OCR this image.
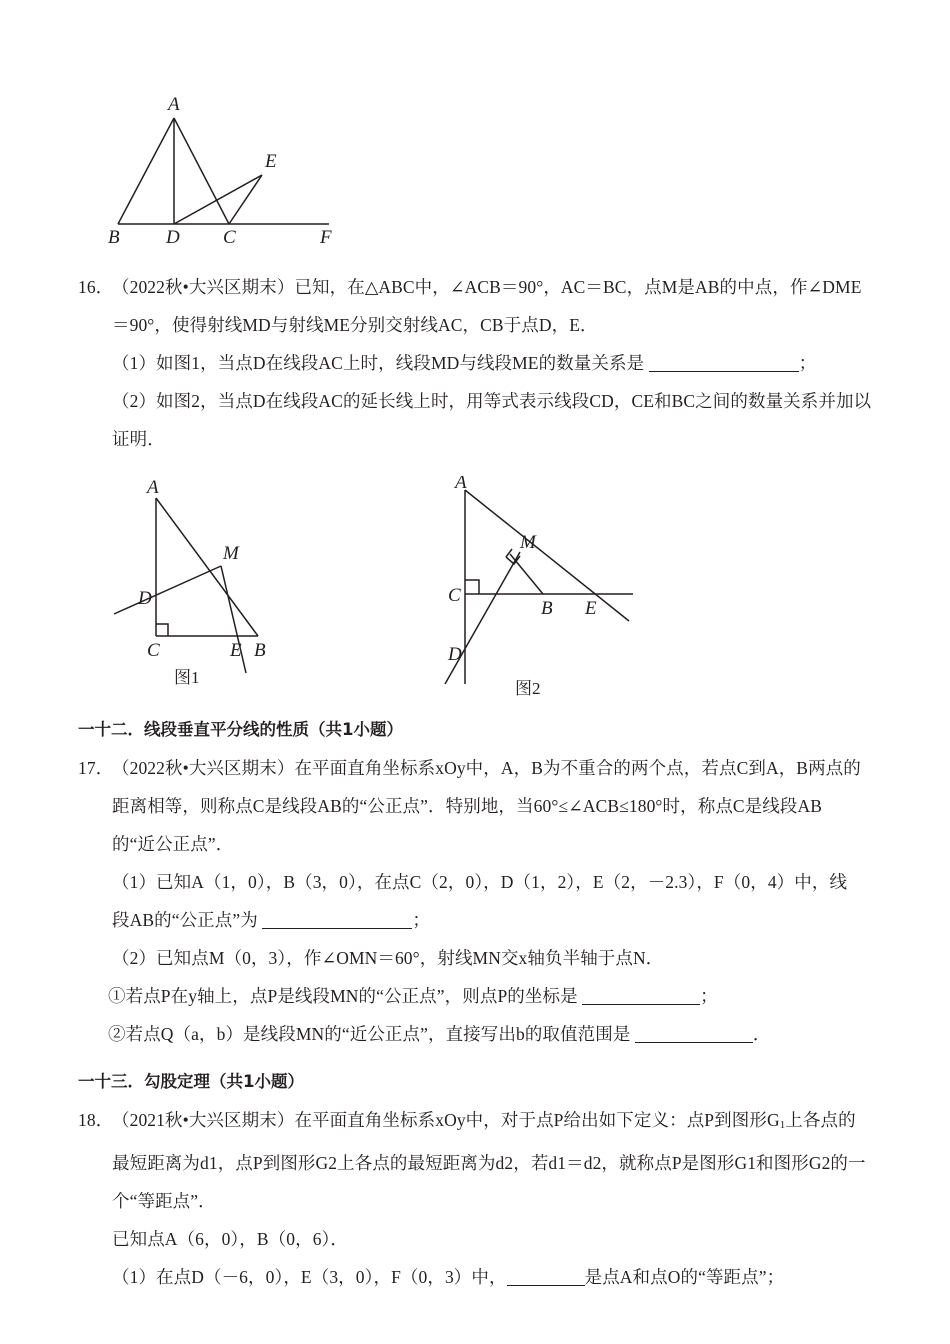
A
B D C
E
F
16．（2022秋•大兴区期末）已知，在△ABC中，∠ACB＝90°，AC＝BC，点M是AB的中点，作∠DME
＝90°，使得射线MD与射线ME分别交射线AC，CB于点D，E．
（1）如图1，当点D在线段AC上时，线段MD与线段ME的数量关系是	；
（2）如图2，当点D在线段AC的延长线上时，用等式表示线段CD，CE和BC之间的数量关系并加以
证明．
A
M
D
C	E B
图1
A
M
C
B E
D
图2
一十二．线段垂直平分线的性质（共1小题）
17．（2022秋•大兴区期末）在平面直角坐标系xOy中，A，B为不重合的两个点，若点C到A，B两点的
距离相等，则称点C是线段AB的“公正点”．特别地，当60°≤∠ACB≤180°时，称点C是线段AB
的“近公正点”．
（1）已知A（1，0），B（3，0），在点C（2，0），D（1，2），E（2，－2.3），F（0，4）中，线
段AB的“公正点”为	；
（2）已知点M（0，3），作∠OMN＝60°，射线MN交x轴负半轴于点N．
①若点P在y轴上，点P是线段MN的“公正点”，则点P的坐标是	；
②若点Q（a，b）是线段MN的“近公正点”，直接写出b的取值范围是	．
一十三．勾股定理（共1小题）
18．（2021秋•大兴区期末）在平面直角坐标系xOy中，对于点P给出如下定义：点P到图形$G_1$上各点的
最短距离为d1，点P到图形G2上各点的最短距离为d2，若d1＝d2，就称点P是图形G1和图形G2的一
个“等距点”．
已知点A（6，0），B（0，6）．
（1）在点D（－6，0），E（3，0），F（0，3）中，	是点A和点O的“等距点”；
